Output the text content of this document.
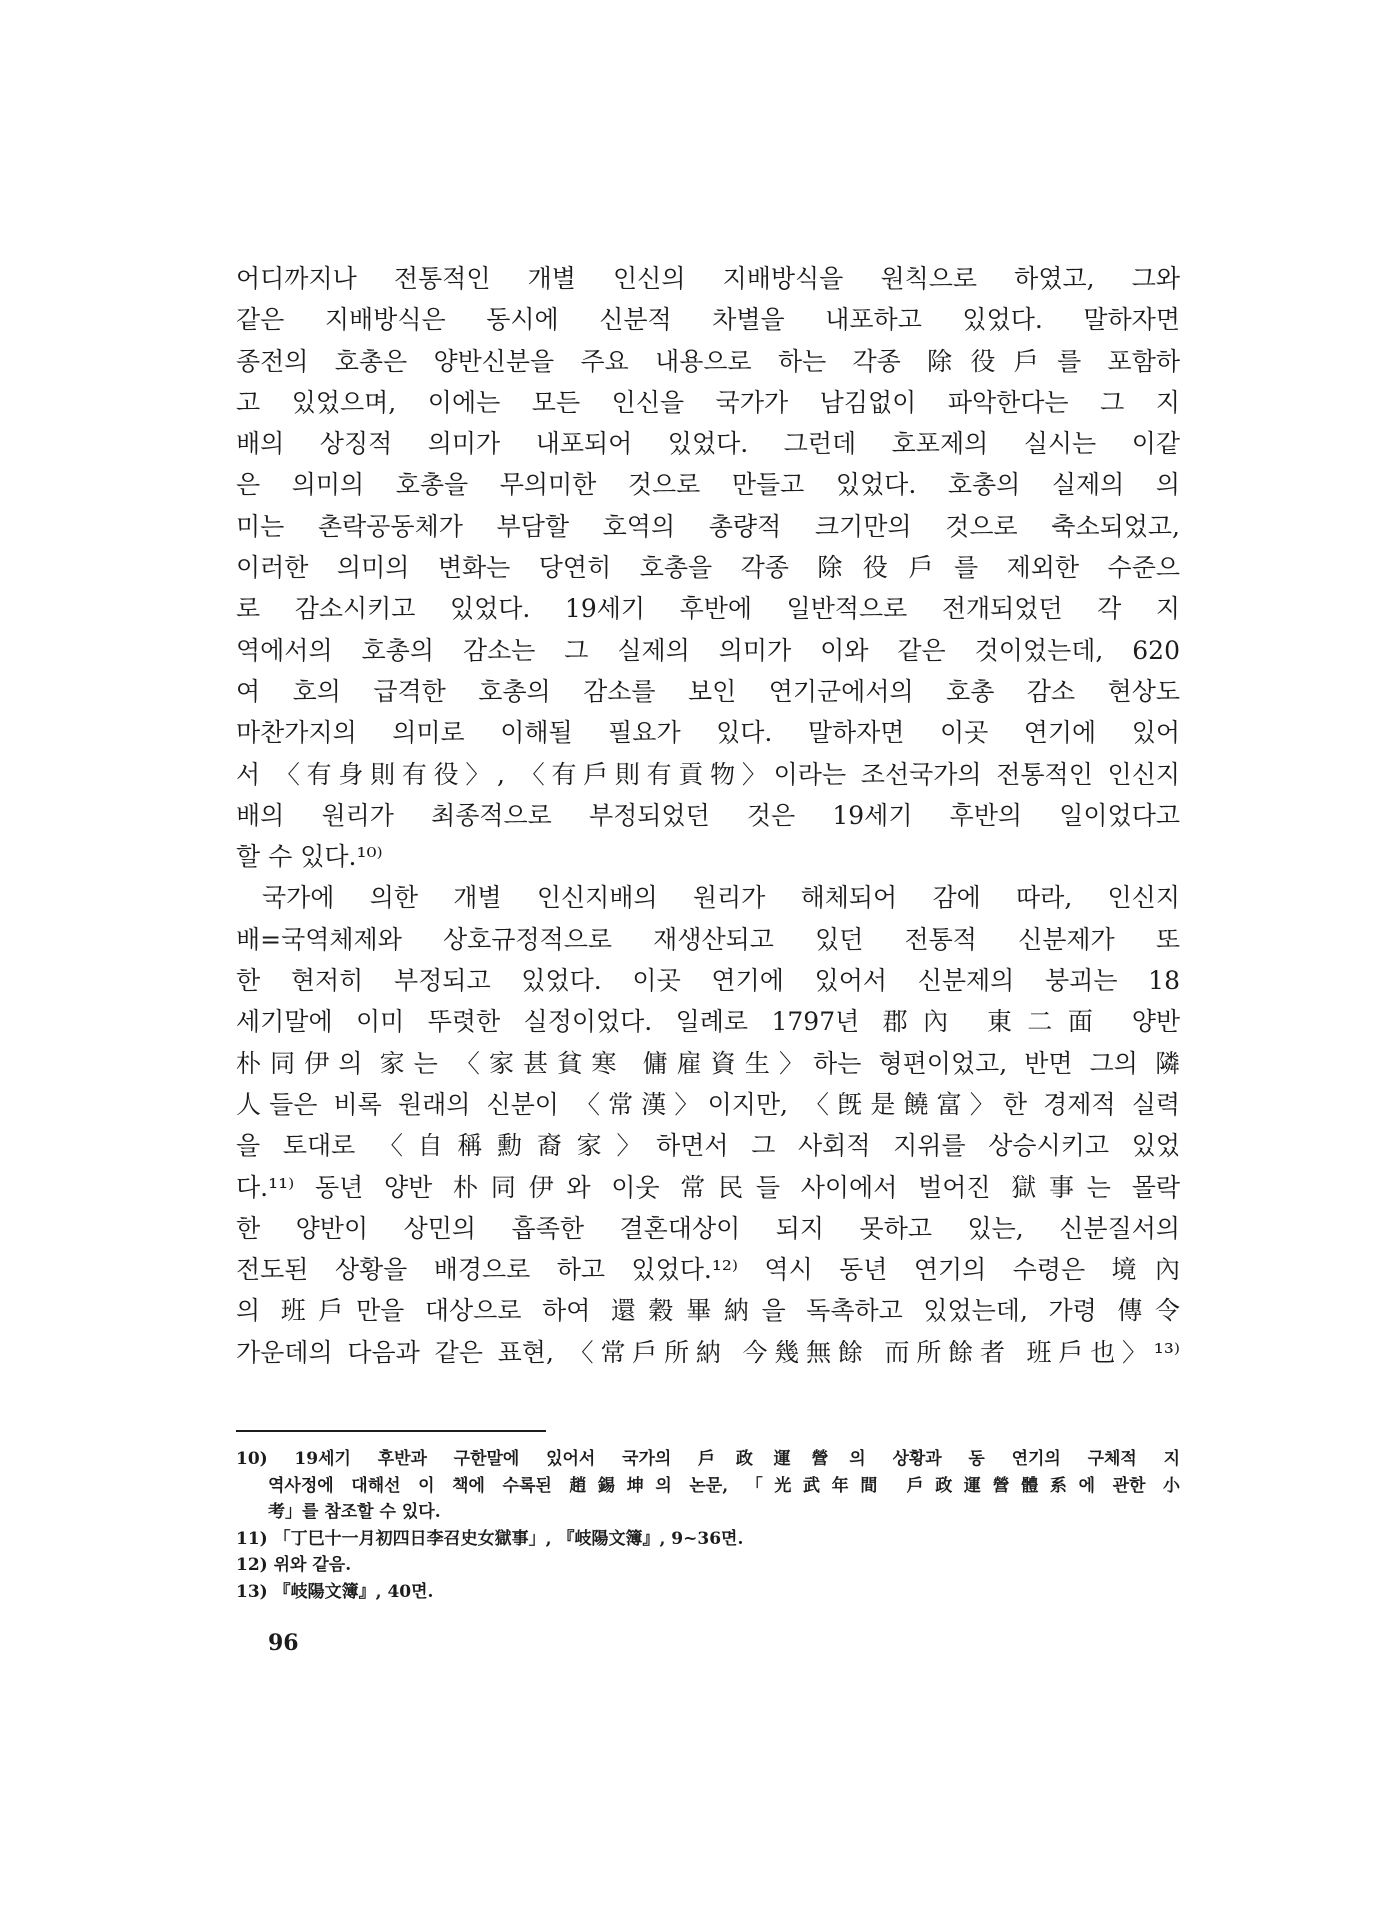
어디까지나 전통적인 개별 인신의 지배방식을 원칙으로 하였고, 그와
같은 지배방식은 동시에 신분적 차별을 내포하고 있었다. 말하자면
종전의 호총은 양반신분을 주요 내용으로 하는 각종 除役戶를 포함하
고 있었으며, 이에는 모든 인신을 국가가 남김없이 파악한다는 그 지
배의 상징적 의미가 내포되어 있었다. 그런데 호포제의 실시는 이같
은 의미의 호총을 무의미한 것으로 만들고 있었다. 호총의 실제의 의
미는 촌락공동체가 부담할 호역의 총량적 크기만의 것으로 축소되었고,
이러한 의미의 변화는 당연히 호총을 각종 除役戶를 제외한 수준으
로 감소시키고 있었다. 19세기 후반에 일반적으로 전개되었던 각 지
역에서의 호총의 감소는 그 실제의 의미가 이와 같은 것이었는데, 620
여 호의 급격한 호총의 감소를 보인 연기군에서의 호총 감소 현상도
마찬가지의 의미로 이해될 필요가 있다. 말하자면 이곳 연기에 있어
서 〈有身則有役〉, 〈有戶則有貢物〉이라는 조선국가의 전통적인 인신지
배의 원리가 최종적으로 부정되었던 것은 19세기 후반의 일이었다고
할 수 있다.¹⁰⁾
국가에 의한 개별 인신지배의 원리가 해체되어 감에 따라, 인신지
배=국역체제와 상호규정적으로 재생산되고 있던 전통적 신분제가 또
한 현저히 부정되고 있었다. 이곳 연기에 있어서 신분제의 붕괴는 18
세기말에 이미 뚜렷한 실정이었다. 일례로 1797년 郡內 東二面 양반
朴同伊의 家는 〈家甚貧寒 傭雇資生〉하는 형편이었고, 반면 그의 隣
人들은 비록 원래의 신분이 〈常漢〉이지만, 〈旣是饒富〉한 경제적 실력
을 토대로 〈自稱勳裔家〉하면서 그 사회적 지위를 상승시키고 있었
다.¹¹⁾ 동년 양반 朴同伊와 이웃 常民들 사이에서 벌어진 獄事는 몰락
한 양반이 상민의 흡족한 결혼대상이 되지 못하고 있는, 신분질서의
전도된 상황을 배경으로 하고 있었다.¹²⁾ 역시 동년 연기의 수령은 境內
의 班戶만을 대상으로 하여 還穀畢納을 독촉하고 있었는데, 가령 傳令
가운데의 다음과 같은 표현, 〈常戶所納 今幾無餘 而所餘者 班戶也〉¹³⁾
10) 19세기 후반과 구한말에 있어서 국가의 戶政運營의 상황과 동 연기의 구체적 지
역사정에 대해선 이 책에 수록된 趙錫坤의 논문, 「光武年間 戶政運營體系에 관한 小
考」를 참조할 수 있다.
11) 「丁巳十一月初四日李召史女獄事」, 『岐陽文簿』, 9~36면.
12) 위와 같음.
13) 『岐陽文簿』, 40면.
96
